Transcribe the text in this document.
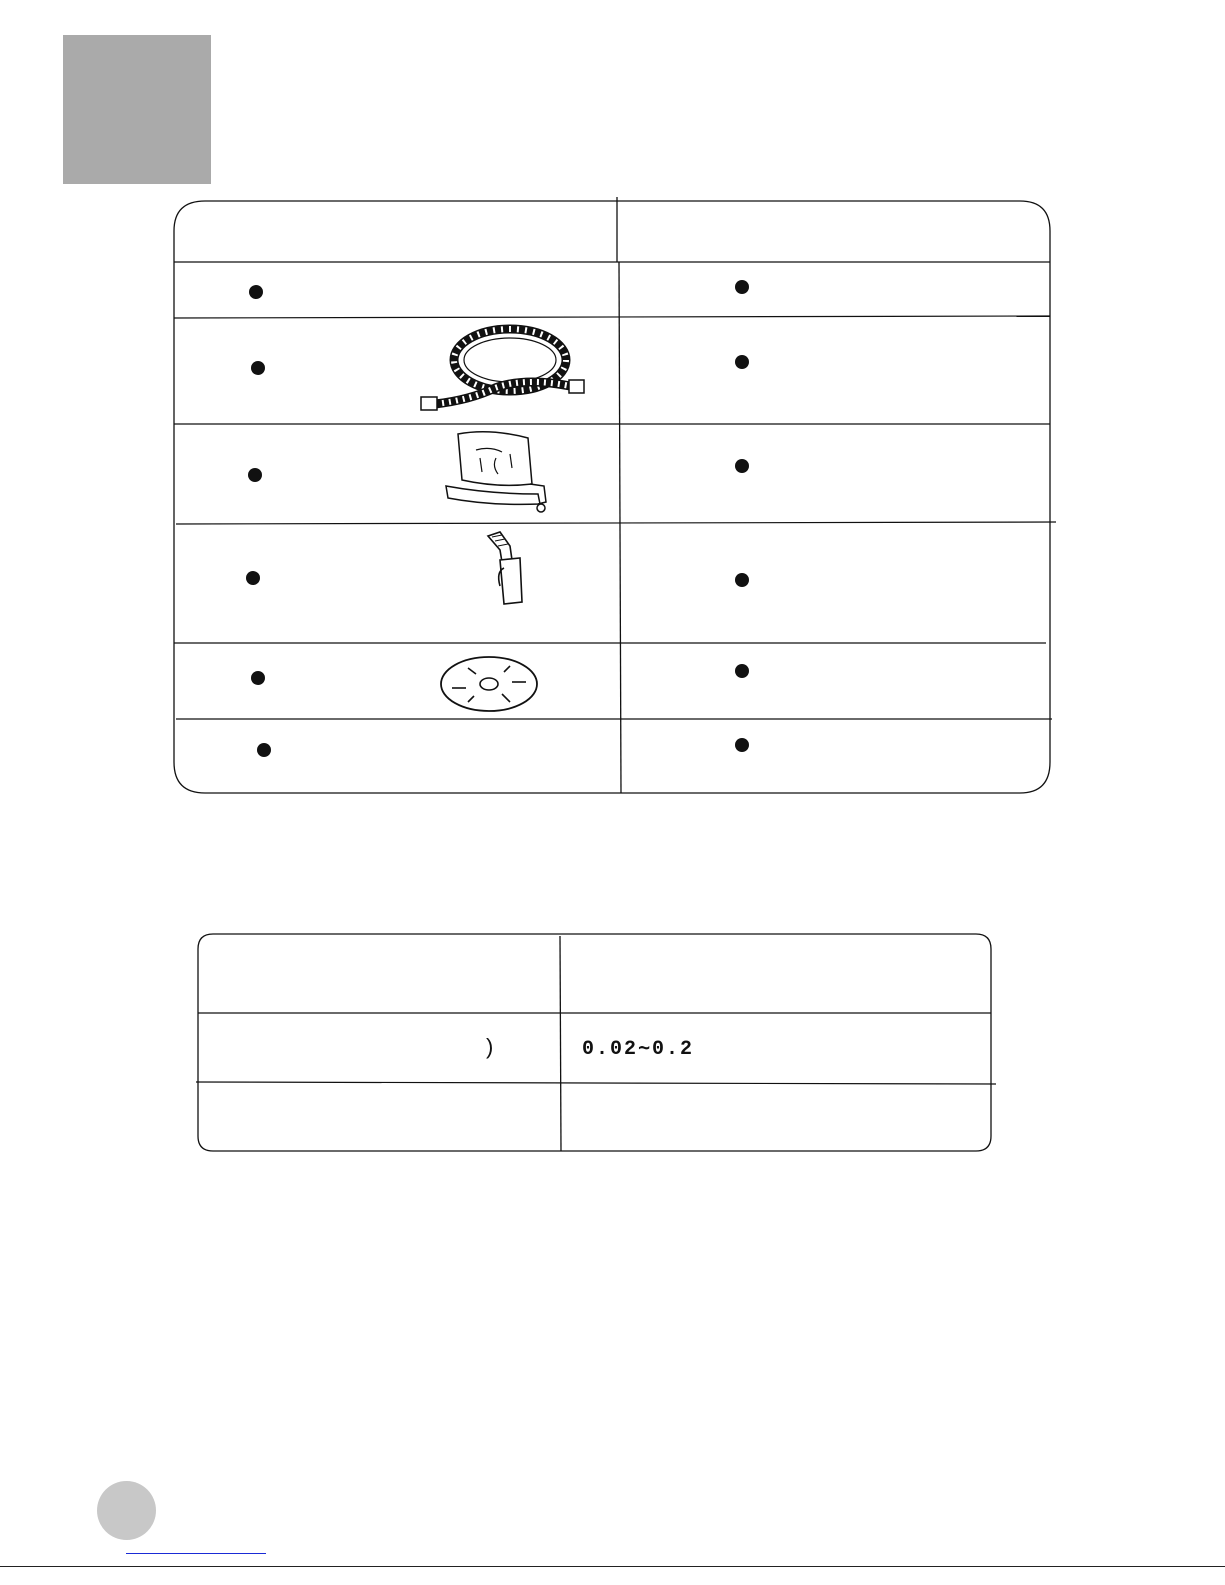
)	0.02∼0.2
